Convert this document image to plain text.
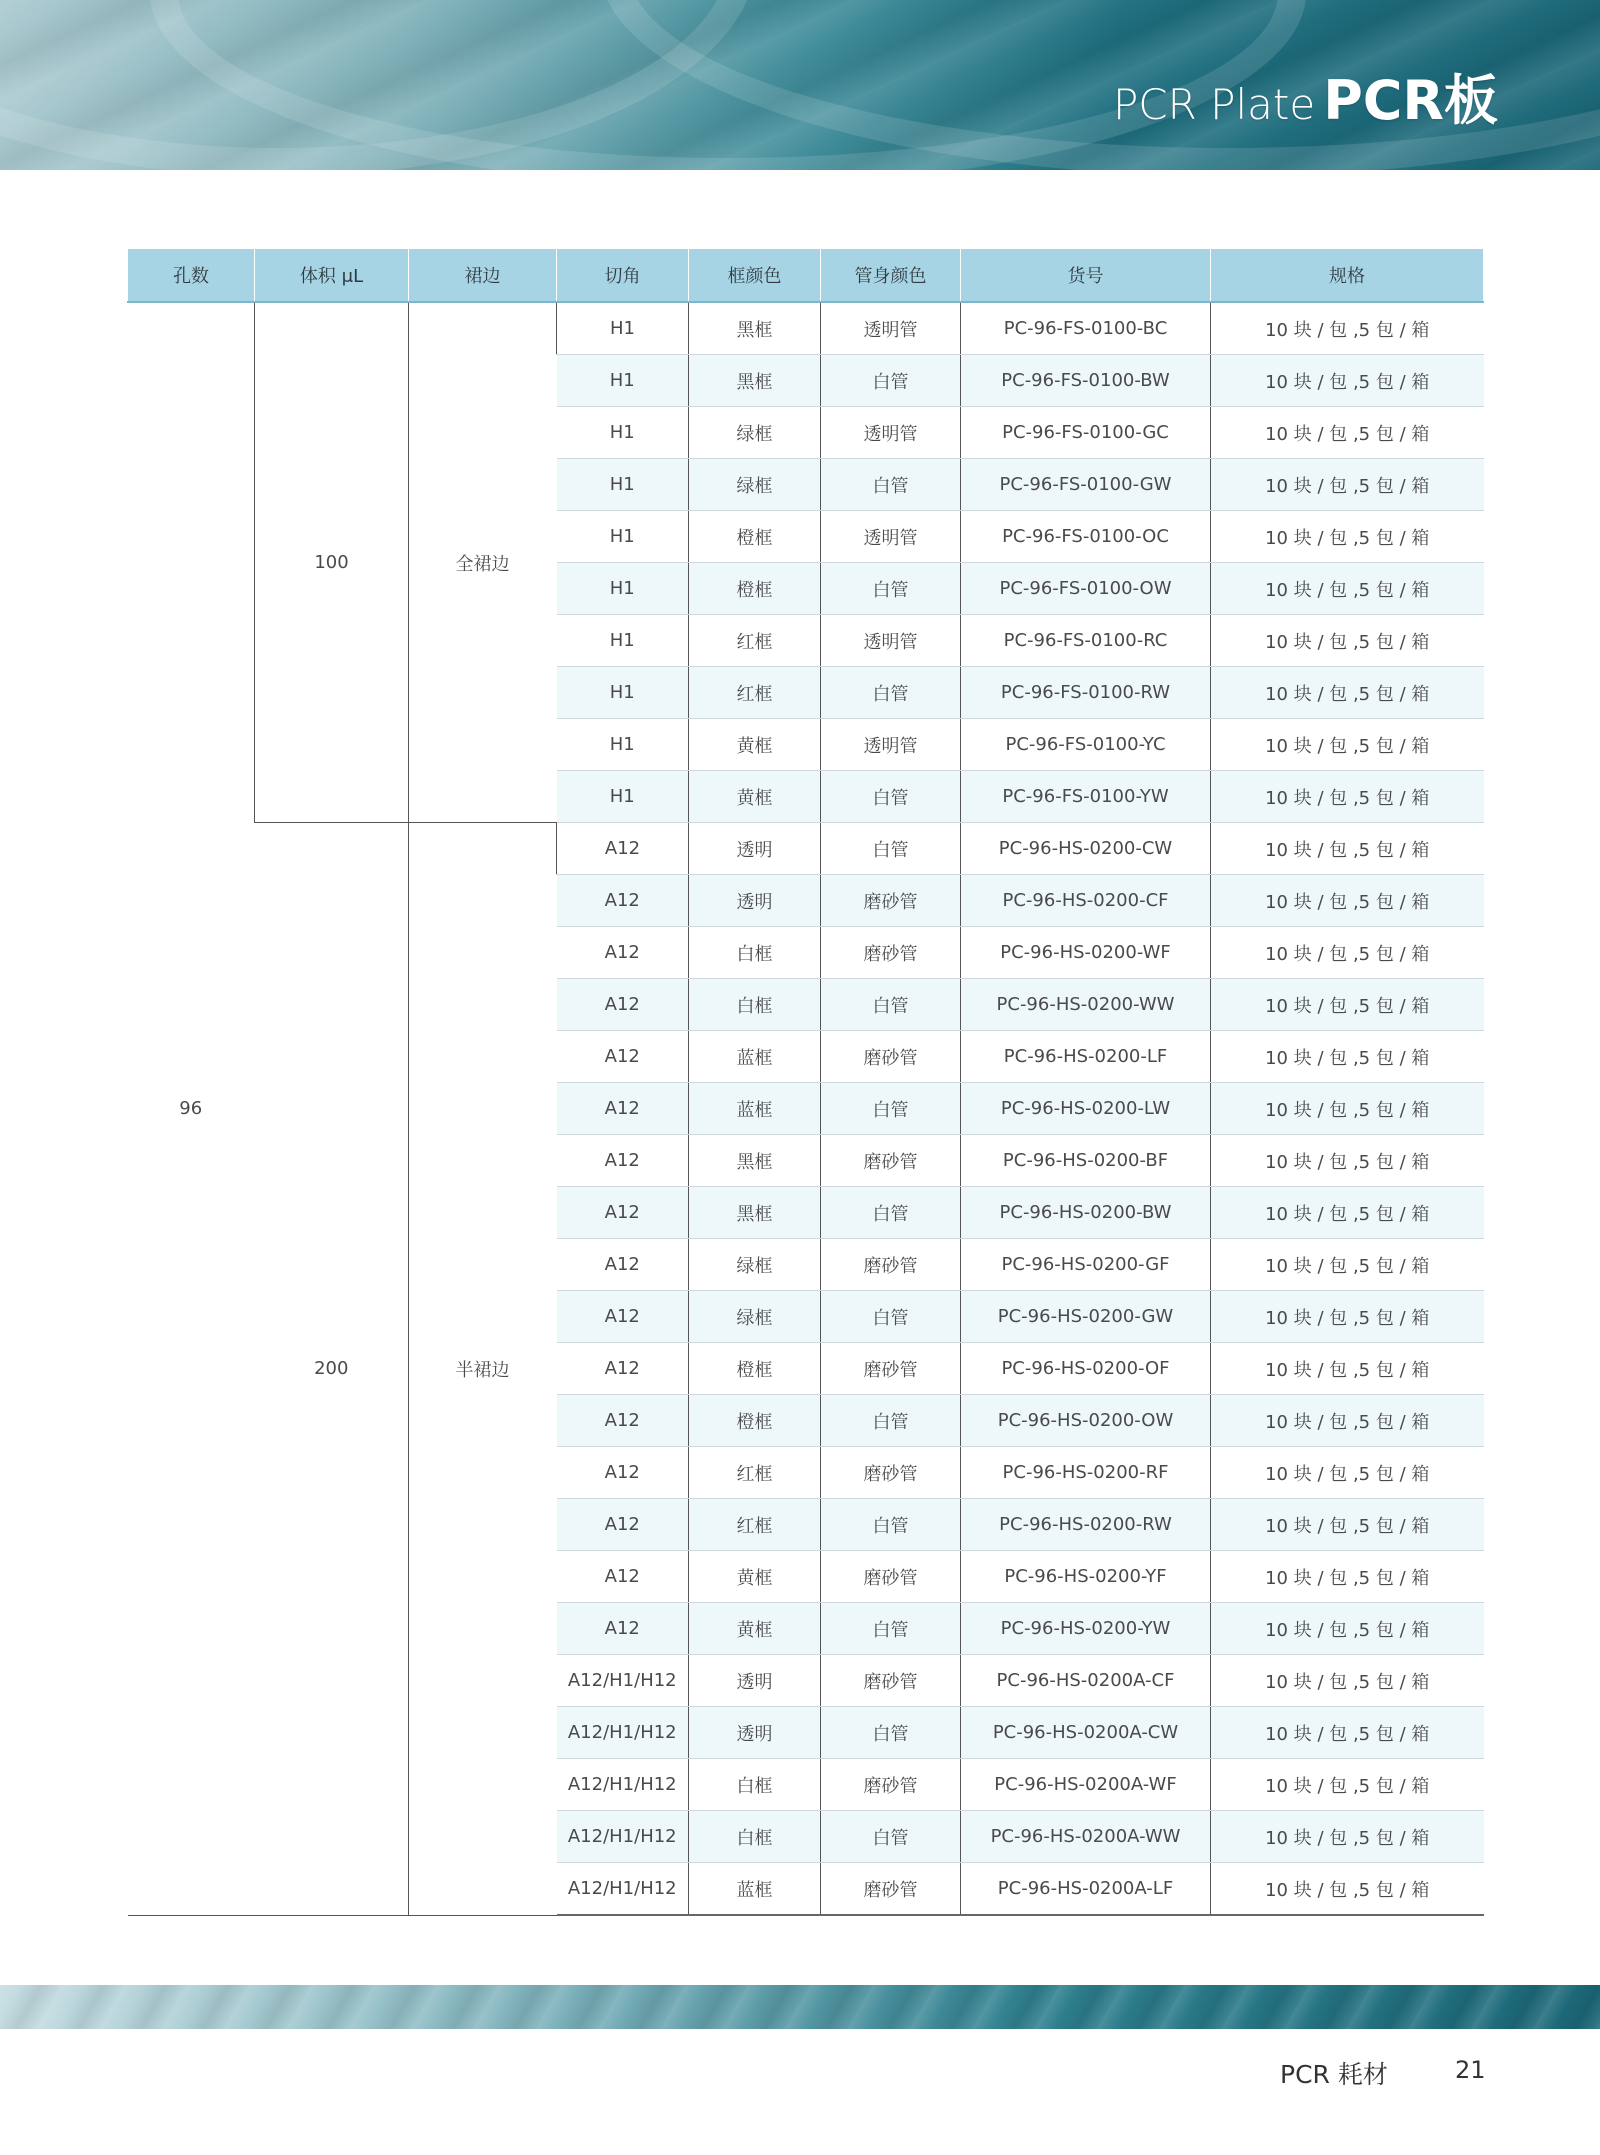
PCR Plate PCR板
孔数	体积 μL	裙边	切角	框颜色	管身颜色	货号	规格
96	100	全裙边	H1	黑框	透明管	PC-96-FS-0100-BC	10 块 / 包 ,5 包 / 箱
			H1	黑框	白管	PC-96-FS-0100-BW	10 块 / 包 ,5 包 / 箱
			H1	绿框	透明管	PC-96-FS-0100-GC	10 块 / 包 ,5 包 / 箱
			H1	绿框	白管	PC-96-FS-0100-GW	10 块 / 包 ,5 包 / 箱
			H1	橙框	透明管	PC-96-FS-0100-OC	10 块 / 包 ,5 包 / 箱
			H1	橙框	白管	PC-96-FS-0100-OW	10 块 / 包 ,5 包 / 箱
			H1	红框	透明管	PC-96-FS-0100-RC	10 块 / 包 ,5 包 / 箱
			H1	红框	白管	PC-96-FS-0100-RW	10 块 / 包 ,5 包 / 箱
			H1	黄框	透明管	PC-96-FS-0100-YC	10 块 / 包 ,5 包 / 箱
			H1	黄框	白管	PC-96-FS-0100-YW	10 块 / 包 ,5 包 / 箱
	200	半裙边	A12	透明	白管	PC-96-HS-0200-CW	10 块 / 包 ,5 包 / 箱
			A12	透明	磨砂管	PC-96-HS-0200-CF	10 块 / 包 ,5 包 / 箱
			A12	白框	磨砂管	PC-96-HS-0200-WF	10 块 / 包 ,5 包 / 箱
			A12	白框	白管	PC-96-HS-0200-WW	10 块 / 包 ,5 包 / 箱
			A12	蓝框	磨砂管	PC-96-HS-0200-LF	10 块 / 包 ,5 包 / 箱
			A12	蓝框	白管	PC-96-HS-0200-LW	10 块 / 包 ,5 包 / 箱
			A12	黑框	磨砂管	PC-96-HS-0200-BF	10 块 / 包 ,5 包 / 箱
			A12	黑框	白管	PC-96-HS-0200-BW	10 块 / 包 ,5 包 / 箱
			A12	绿框	磨砂管	PC-96-HS-0200-GF	10 块 / 包 ,5 包 / 箱
			A12	绿框	白管	PC-96-HS-0200-GW	10 块 / 包 ,5 包 / 箱
			A12	橙框	磨砂管	PC-96-HS-0200-OF	10 块 / 包 ,5 包 / 箱
			A12	橙框	白管	PC-96-HS-0200-OW	10 块 / 包 ,5 包 / 箱
			A12	红框	磨砂管	PC-96-HS-0200-RF	10 块 / 包 ,5 包 / 箱
			A12	红框	白管	PC-96-HS-0200-RW	10 块 / 包 ,5 包 / 箱
			A12	黄框	磨砂管	PC-96-HS-0200-YF	10 块 / 包 ,5 包 / 箱
			A12	黄框	白管	PC-96-HS-0200-YW	10 块 / 包 ,5 包 / 箱
			A12/H1/H12	透明	磨砂管	PC-96-HS-0200A-CF	10 块 / 包 ,5 包 / 箱
			A12/H1/H12	透明	白管	PC-96-HS-0200A-CW	10 块 / 包 ,5 包 / 箱
			A12/H1/H12	白框	磨砂管	PC-96-HS-0200A-WF	10 块 / 包 ,5 包 / 箱
			A12/H1/H12	白框	白管	PC-96-HS-0200A-WW	10 块 / 包 ,5 包 / 箱
			A12/H1/H12	蓝框	磨砂管	PC-96-HS-0200A-LF	10 块 / 包 ,5 包 / 箱
PCR 耗材	21
